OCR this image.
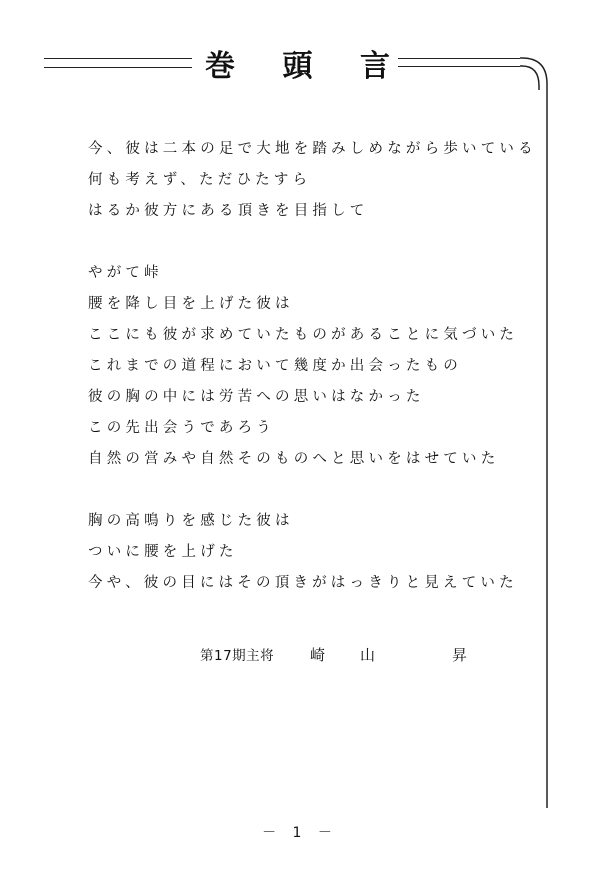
巻 頭 言
今、彼は二本の足で大地を踏みしめながら歩いている
何も考えず、ただひたすら
はるか彼方にある頂きを目指して
やがて峠
腰を降し目を上げた彼は
ここにも彼が求めていたものがあることに気づいた
これまでの道程において幾度か出会ったもの
彼の胸の中には労苦への思いはなかった
この先出会うであろう
自然の営みや自然そのものへと思いをはせていた
胸の高鳴りを感じた彼は
ついに腰を上げた
今や、彼の目にはその頂きがはっきりと見えていた
第17期主将 崎 山	昇
－ 1 －
